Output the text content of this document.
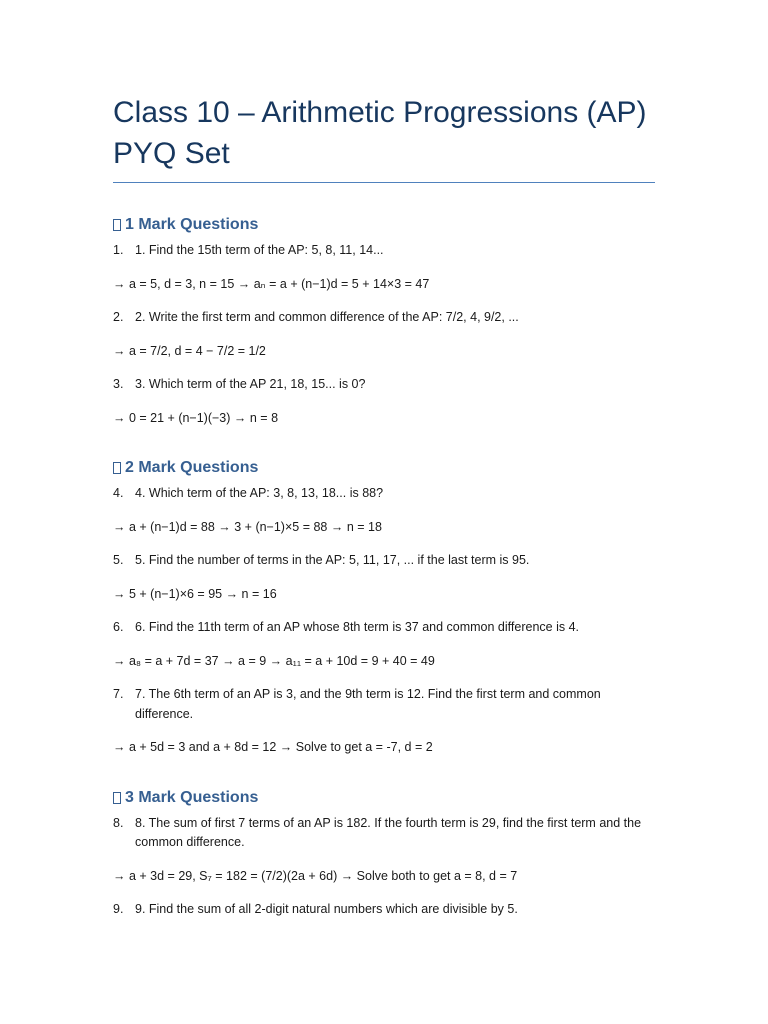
Class 10 – Arithmetic Progressions (AP) PYQ Set
1 Mark Questions

1. 1. Find the 15th term of the AP: 5, 8, 11, 14...

→ a = 5, d = 3, n = 15 → aₙ = a + (n−1)d = 5 + 14×3 = 47

2. 2. Write the first term and common difference of the AP: 7/2, 4, 9/2, ...

→ a = 7/2, d = 4 − 7/2 = 1/2

3. 3. Which term of the AP 21, 18, 15... is 0?

→ 0 = 21 + (n−1)(−3) → n = 8

2 Mark Questions

4. 4. Which term of the AP: 3, 8, 13, 18... is 88?

→ a + (n−1)d = 88 → 3 + (n−1)×5 = 88 → n = 18

5. 5. Find the number of terms in the AP: 5, 11, 17, ... if the last term is 95.

→ 5 + (n−1)×6 = 95 → n = 16

6. 6. Find the 11th term of an AP whose 8th term is 37 and common difference is 4.

→ a₈ = a + 7d = 37 → a = 9 → a₁₁ = a + 10d = 9 + 40 = 49

7. 7. The 6th term of an AP is 3, and the 9th term is 12. Find the first term and common difference.

→ a + 5d = 3 and a + 8d = 12 → Solve to get a = -7, d = 2

3 Mark Questions

8. 8. The sum of first 7 terms of an AP is 182. If the fourth term is 29, find the first term and the common difference.

→ a + 3d = 29, S₇ = 182 = (7/2)(2a + 6d) → Solve both to get a = 8, d = 7

9. 9. Find the sum of all 2-digit natural numbers which are divisible by 5.
